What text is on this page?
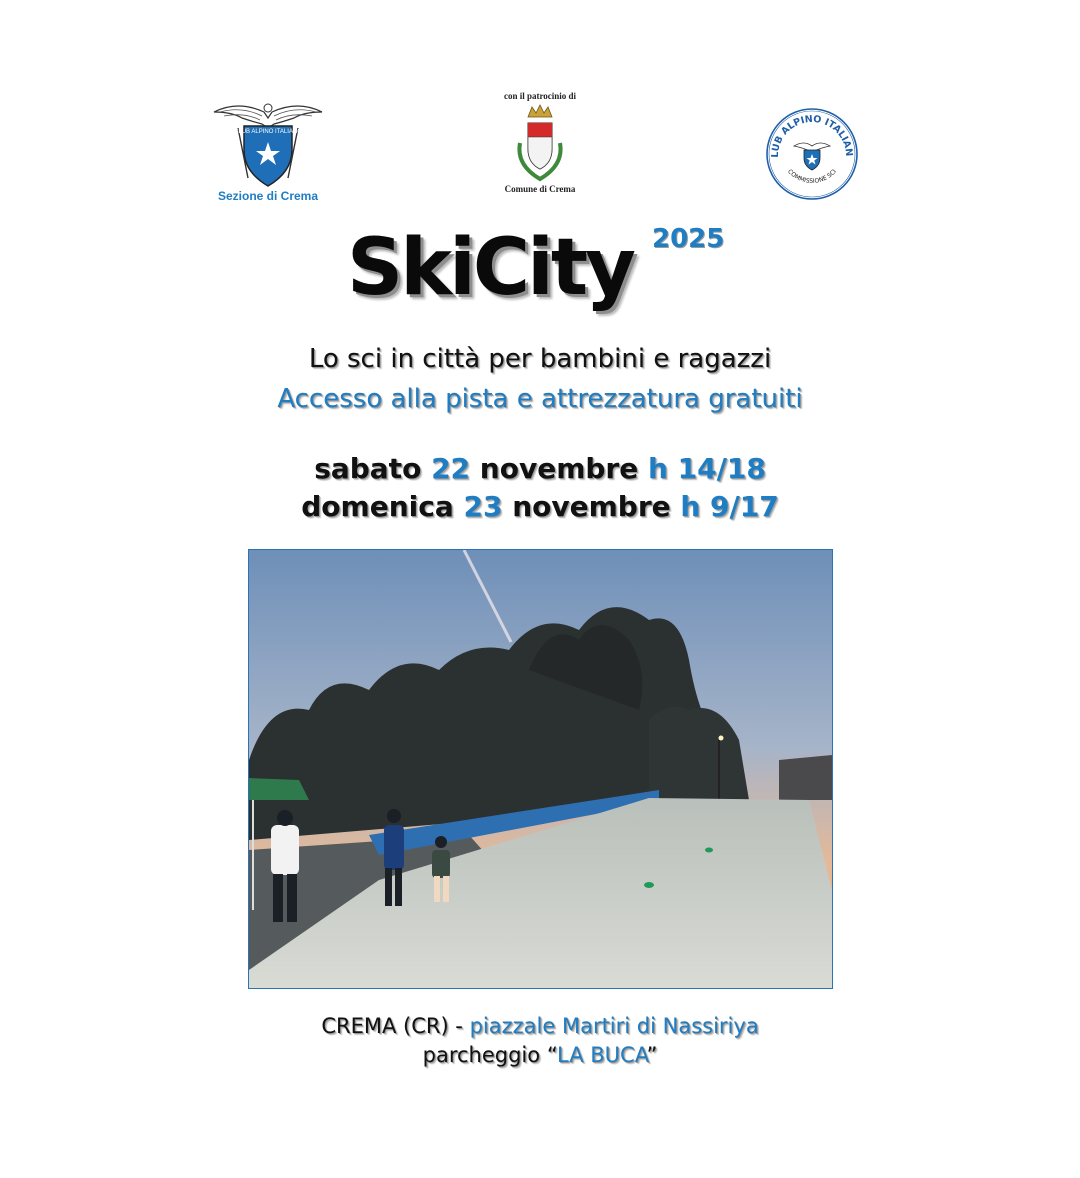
CLUB ALPINO ITALIANO
Sezione di Crema
con il patrocinio di
Comune di Crema
LUB ALPINO ITALIAN
COMMISSIONE SCI
SkiCity 2025
Lo sci in città per bambini e ragazzi
Accesso alla pista e attrezzatura gratuiti
sabato 22 novembre h 14/18
domenica 23 novembre h 9/17
CREMA (CR) - piazzale Martiri di Nassiriya
parcheggio “LA BUCA”
